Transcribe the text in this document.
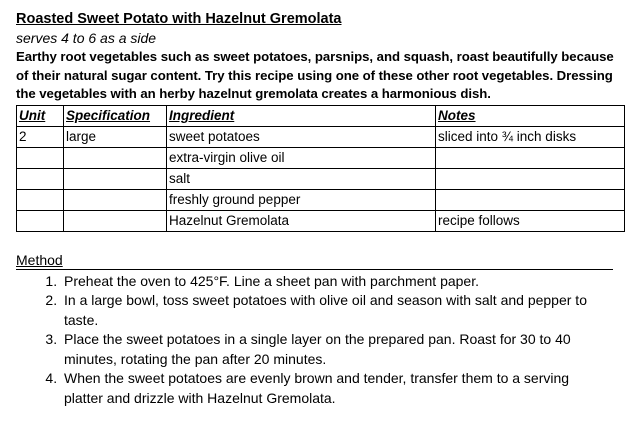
Roasted Sweet Potato with Hazelnut Gremolata
serves 4 to 6 as a side
Earthy root vegetables such as sweet potatoes, parsnips, and squash, roast beautifully because of their natural sugar content. Try this recipe using one of these other root vegetables. Dressing the vegetables with an herby hazelnut gremolata creates a harmonious dish.
Unit	Specification	Ingredient	Notes
2	large	sweet potatoes	sliced into ¾ inch disks
		extra-virgin olive oil	
		salt	
		freshly ground pepper	
		Hazelnut Gremolata	recipe follows
Method
1. Preheat the oven to 425°F. Line a sheet pan with parchment paper.
2. In a large bowl, toss sweet potatoes with olive oil and season with salt and pepper to taste.
3. Place the sweet potatoes in a single layer on the prepared pan. Roast for 30 to 40 minutes, rotating the pan after 20 minutes.
4. When the sweet potatoes are evenly brown and tender, transfer them to a serving platter and drizzle with Hazelnut Gremolata.
